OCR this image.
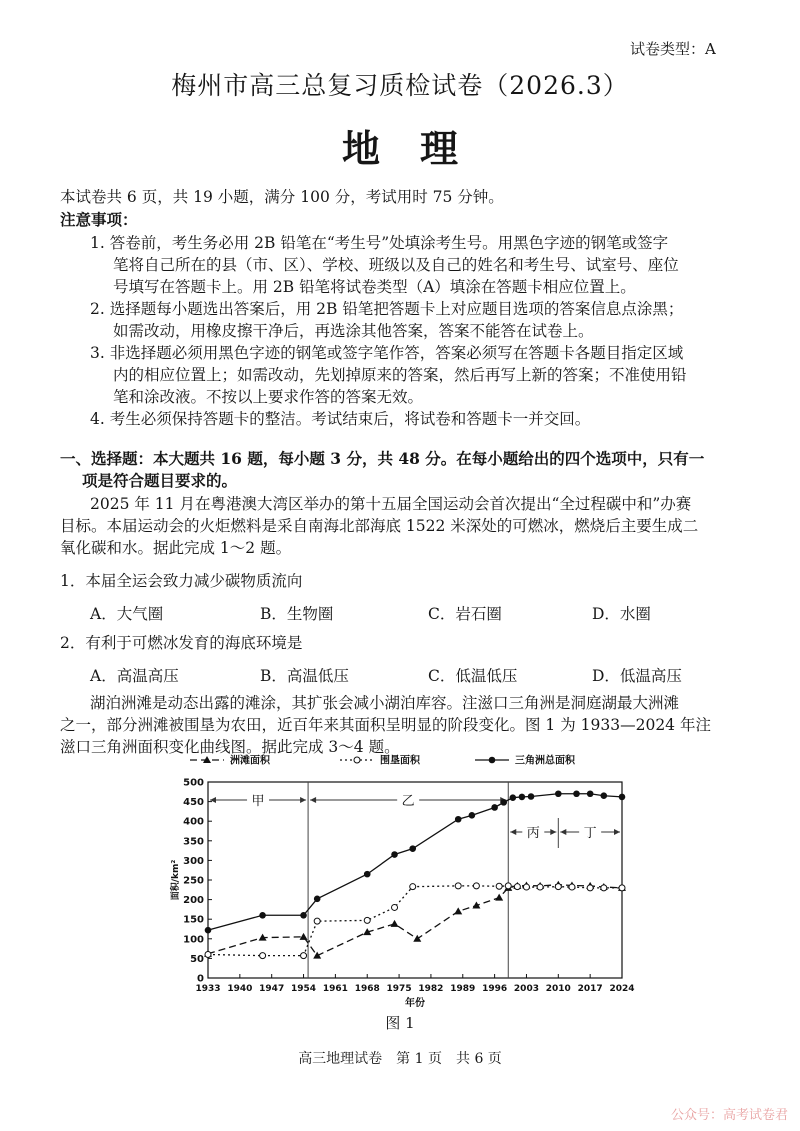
试卷类型：A
梅州市高三总复习质检试卷（2026.3）
地理
本试卷共 6 页，共 19 小题，满分 100 分，考试用时 75 分钟。
注意事项：
1. 答卷前，考生务必用 2B 铅笔在“考生号”处填涂考生号。用黑色字迹的钢笔或签字
笔将自己所在的县（市、区）、学校、班级以及自己的姓名和考生号、试室号、座位
号填写在答题卡上。用 2B 铅笔将试卷类型（A）填涂在答题卡相应位置上。
2. 选择题每小题选出答案后，用 2B 铅笔把答题卡上对应题目选项的答案信息点涂黑；
如需改动，用橡皮擦干净后，再选涂其他答案，答案不能答在试卷上。
3. 非选择题必须用黑色字迹的钢笔或签字笔作答，答案必须写在答题卡各题目指定区域
内的相应位置上；如需改动，先划掉原来的答案，然后再写上新的答案；不准使用铅
笔和涂改液。不按以上要求作答的答案无效。
4. 考生必须保持答题卡的整洁。考试结束后，将试卷和答题卡一并交回。
一、选择题：本大题共 16 题，每小题 3 分，共 48 分。在每小题给出的四个选项中，只有一
项是符合题目要求的。
2025 年 11 月在粤港澳大湾区举办的第十五届全国运动会首次提出“全过程碳中和”办赛
目标。本届运动会的火炬燃料是采自南海北部海底 1522 米深处的可燃冰，燃烧后主要生成二
氧化碳和水。据此完成 1～2 题。
1．本届全运会致力减少碳物质流向
A．大气圈	B．生物圈	C．岩石圈	D．水圈
2．有利于可燃冰发育的海底环境是
A．高温高压	B．高温低压	C．低温低压	D．低温高压
湖泊洲滩是动态出露的滩涂，其扩张会减小湖泊库容。注滋口三角洲是洞庭湖最大洲滩
之一，部分洲滩被围垦为农田，近百年来其面积呈明显的阶段变化。图 1 为 1933—2024 年注
滋口三角洲面积变化曲线图。据此完成 3～4 题。
0
50
100
150
200
250
300
350
400
450
500
1933 1940 1947 1954 1961 1968 1975 1982 1989 1996 2003 2010 2017 2024
年份
面积/km²
甲	乙
丙	丁
洲滩面积	围垦面积	三角洲总面积
图 1
高三地理试卷　第 1 页　共 6 页
公众号：高考试卷君
